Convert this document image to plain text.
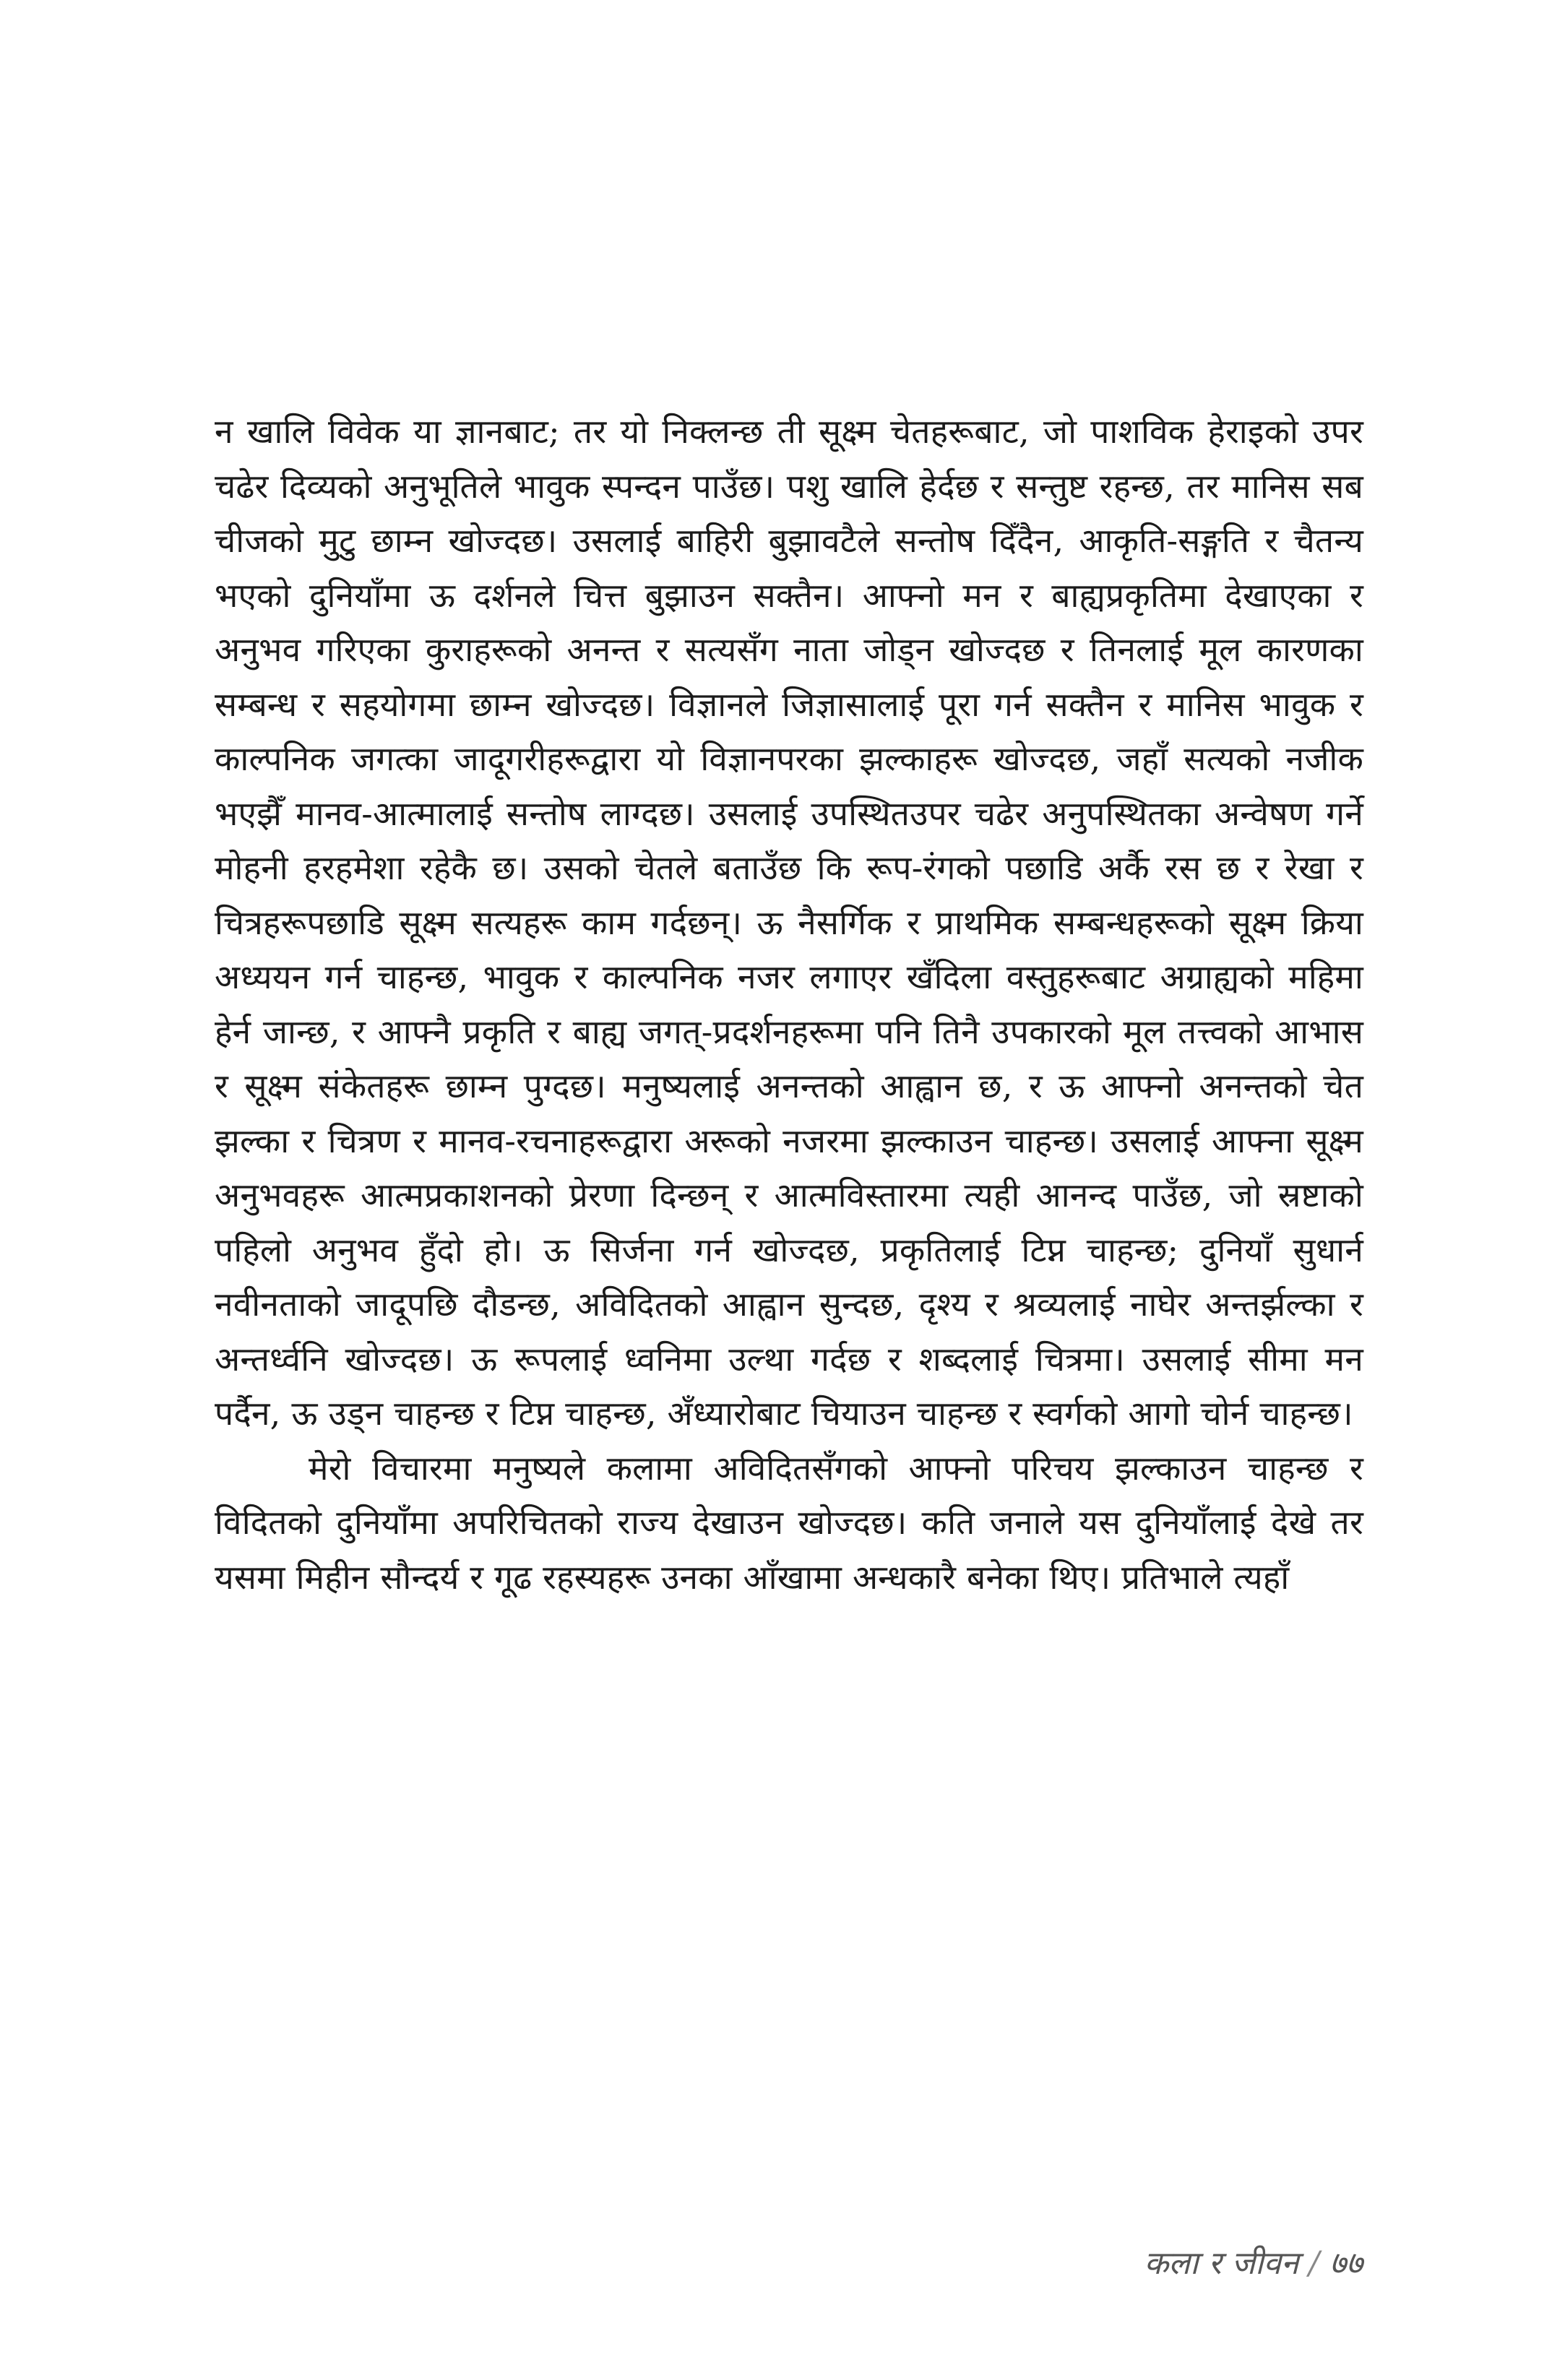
न खालि विवेक या ज्ञानबाट; तर यो निक्लन्छ ती सूक्ष्म चेतहरूबाट, जो पाशविक हेराइको उपर चढेर दिव्यको अनुभूतिले भावुक स्पन्दन पाउँछ। पशु खालि हेर्दछ र सन्तुष्ट रहन्छ, तर मानिस सब चीजको मुटु छाम्न खोज्दछ। उसलाई बाहिरी बुझावटैले सन्तोष दिँदैन, आकृति-सङ्गति र चैतन्य भएको दुनियाँमा ऊ दर्शनले चित्त बुझाउन सक्तैन। आफ्नो मन र बाह्यप्रकृतिमा देखाएका र अनुभव गरिएका कुराहरूको अनन्त र सत्यसँग नाता जोड्न खोज्दछ र तिनलाई मूल कारणका सम्बन्ध र सहयोगमा छाम्न खोज्दछ। विज्ञानले जिज्ञासालाई पूरा गर्न सक्तैन र मानिस भावुक र काल्पनिक जगत्का जादूगरीहरूद्वारा यो विज्ञानपरका झल्काहरू खोज्दछ, जहाँ सत्यको नजीक भएझैँ मानव-आत्मालाई सन्तोष लाग्दछ। उसलाई उपस्थितउपर चढेर अनुपस्थितका अन्वेषण गर्ने मोहनी हरहमेशा रहेकै छ। उसको चेतले बताउँछ कि रूप-रंगको पछाडि अर्कै रस छ र रेखा र चित्रहरूपछाडि सूक्ष्म सत्यहरू काम गर्दछन्। ऊ नैसर्गिक र प्राथमिक सम्बन्धहरूको सूक्ष्म क्रिया अध्ययन गर्न चाहन्छ, भावुक र काल्पनिक नजर लगाएर खँदिला वस्तुहरूबाट अग्राह्यको महिमा हेर्न जान्छ, र आफ्नै प्रकृति र बाह्य जगत्-प्रदर्शनहरूमा पनि तिनै उपकारको मूल तत्त्वको आभास र सूक्ष्म संकेतहरू छाम्न पुग्दछ। मनुष्यलाई अनन्तको आह्वान छ, र ऊ आफ्नो अनन्तको चेत झल्का र चित्रण र मानव-रचनाहरूद्वारा अरूको नजरमा झल्काउन चाहन्छ। उसलाई आफ्ना सूक्ष्म अनुभवहरू आत्मप्रकाशनको प्रेरणा दिन्छन् र आत्मविस्तारमा त्यही आनन्द पाउँछ, जो स्रष्टाको पहिलो अनुभव हुँदो हो। ऊ सिर्जना गर्न खोज्दछ, प्रकृतिलाई टिप्न चाहन्छ; दुनियाँ सुधार्न नवीनताको जादूपछि दौडन्छ, अविदितको आह्वान सुन्दछ, दृश्य र श्रव्यलाई नाघेर अन्तर्झल्का र अन्तर्ध्वनि खोज्दछ। ऊ रूपलाई ध्वनिमा उल्था गर्दछ र शब्दलाई चित्रमा। उसलाई सीमा मन पर्दैन, ऊ उड्न चाहन्छ र टिप्न चाहन्छ, अँध्यारोबाट चियाउन चाहन्छ र स्वर्गको आगो चोर्न चाहन्छ।

मेरो विचारमा मनुष्यले कलामा अविदितसँगको आफ्नो परिचय झल्काउन चाहन्छ र विदितको दुनियाँमा अपरिचितको राज्य देखाउन खोज्दछ। कति जनाले यस दुनियाँलाई देखे तर यसमा मिहीन सौन्दर्य र गूढ रहस्यहरू उनका आँखामा अन्धकारै बनेका थिए। प्रतिभाले त्यहाँ

कला र जीवन / ७७
